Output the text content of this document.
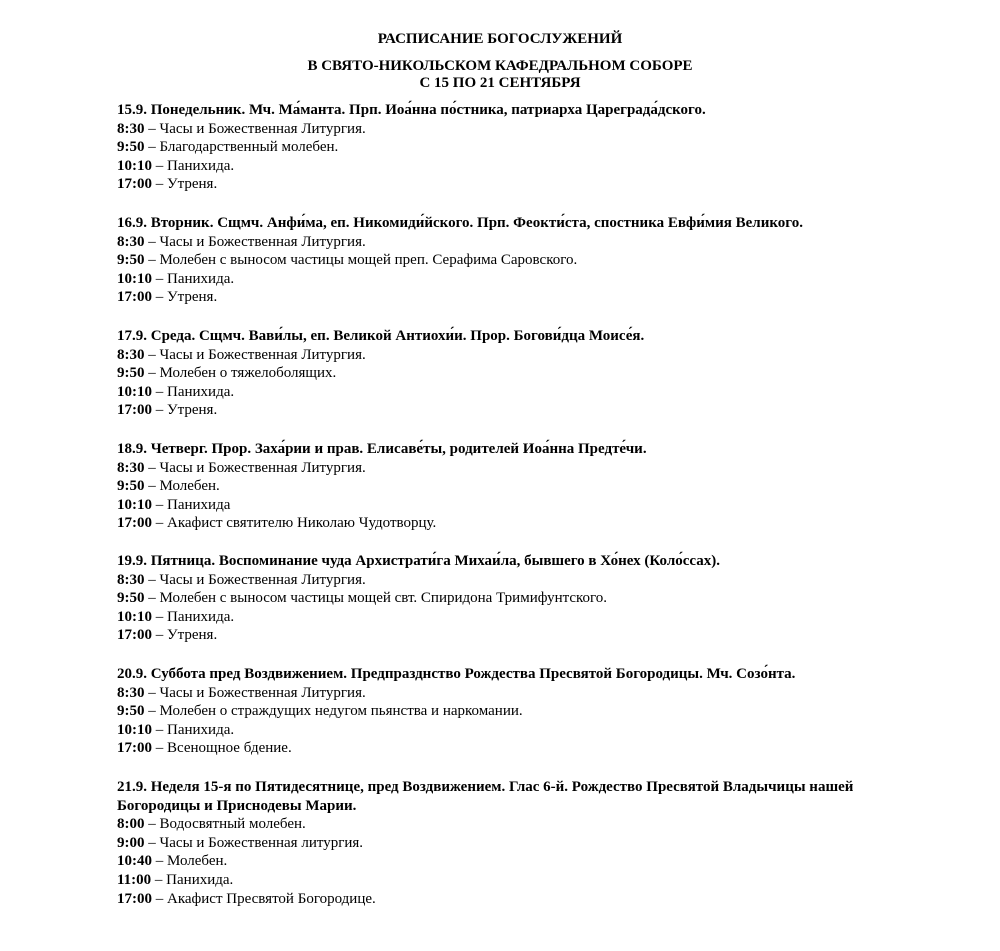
РАСПИСАНИЕ БОГОСЛУЖЕНИЙ

В СВЯТО-НИКОЛЬСКОМ КАФЕДРАЛЬНОМ СОБОРЕ

С 15 ПО 21 СЕНТЯБРЯ

15.9. Понедельник. Мч. Ма́манта. Прп. Иоа́нна по́стника, патриарха Цареграда́дского.

8:30 – Часы и Божественная Литургия.

9:50 – Благодарственный молебен.

10:10 – Панихида.

17:00 – Утреня.

16.9. Вторник. Сщмч. Анфи́ма, еп. Никомиди́йского. Прп. Феокти́ста, спостника Евфи́мия Великого.

8:30 – Часы и Божественная Литургия.

9:50 – Молебен с выносом частицы мощей преп. Серафима Саровского.

10:10 – Панихида.

17:00 – Утреня.

17.9. Среда. Сщмч. Вави́лы, еп. Великой Антиохи́и. Прор. Богови́дца Моисе́я.

8:30 – Часы и Божественная Литургия.

9:50 – Молебен о тяжелоболящих.

10:10 – Панихида.

17:00 – Утреня.

18.9. Четверг. Прор. Заха́рии и прав. Елисаве́ты, родителей Иоа́нна Предте́чи.

8:30 – Часы и Божественная Литургия.

9:50 – Молебен.

10:10 – Панихида

17:00 – Акафист святителю Николаю Чудотворцу.

19.9. Пятница. Воспоминание чуда Архистрати́га Михаи́ла, бывшего в Хо́нех (Коло́ссах).

8:30 – Часы и Божественная Литургия.

9:50 – Молебен с выносом частицы мощей свт. Спиридона Тримифунтского.

10:10 – Панихида.

17:00 – Утреня.

20.9. Суббота пред Воздвижением. Предпразднство Рождества Пресвятой Богородицы. Мч. Созо́нта.

8:30 – Часы и Божественная Литургия.

9:50 – Молебен о страждущих недугом пьянства и наркомании.

10:10 – Панихида.

17:00 – Всенощное бдение.

21.9. Неделя 15-я по Пятидесятнице, пред Воздвижением. Глас 6-й. Рождество Пресвятой Владычицы нашей Богородицы и Приснодевы Марии.

8:00 – Водосвятный молебен.

9:00 – Часы и Божественная литургия.

10:40 – Молебен.

11:00 – Панихида.

17:00 – Акафист Пресвятой Богородице.
